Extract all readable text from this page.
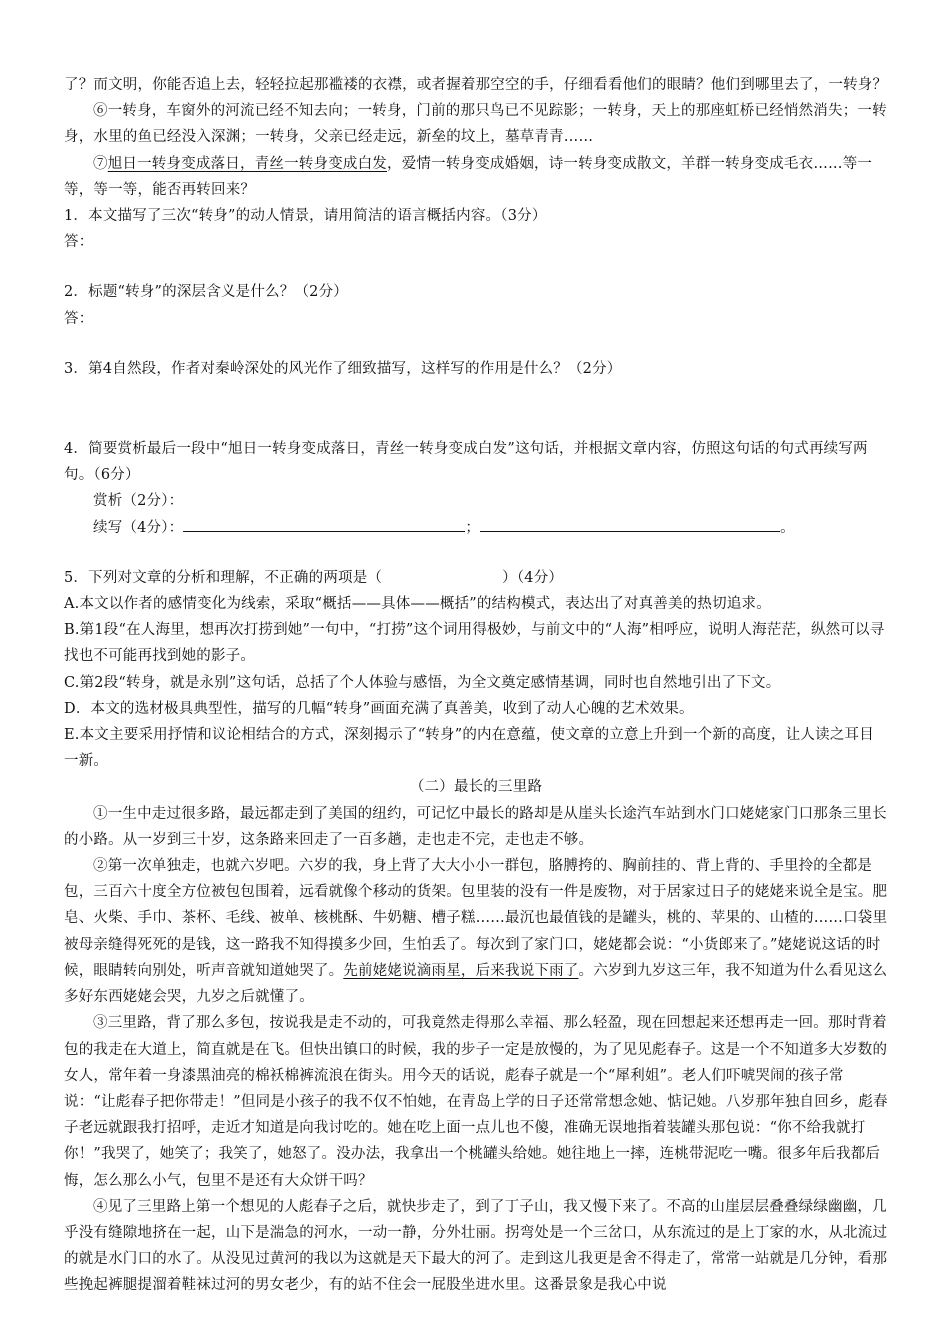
了？而文明，你能否追上去，轻轻拉起那褴褛的衣襟，或者握着那空空的手，仔细看看他们的眼睛？他们到哪里去了，一转身？

⑥一转身，车窗外的河流已经不知去向；一转身，门前的那只鸟已不见踪影；一转身，天上的那座虹桥已经悄然消失；一转身，水里的鱼已经没入深渊；一转身，父亲已经走远，新垒的坟上，墓草青青……

⑦旭日一转身变成落日，青丝一转身变成白发，爱情一转身变成婚姻，诗一转身变成散文，羊群一转身变成毛衣……等一等，等一等，能否再转回来？

1．本文描写了三次“转身”的动人情景，请用简洁的语言概括内容。（3分）

答：

2．标题“转身”的深层含义是什么？（2分）

答：

3．第4自然段，作者对秦岭深处的风光作了细致描写，这样写的作用是什么？（2分）

4．简要赏析最后一段中“旭日一转身变成落日，青丝一转身变成白发”这句话，并根据文章内容，仿照这句话的句式再续写两句。（6分）

赏析（2分）：

续写（4分）：	；	。

5．下列对文章的分析和理解，不正确的两项是（	）（4分）

A.本文以作者的感情变化为线索，采取“概括——具体——概括”的结构模式，表达出了对真善美的热切追求。

B.第1段“在人海里，想再次打捞到她”一句中，“打捞”这个词用得极妙，与前文中的“人海”相呼应，说明人海茫茫，纵然可以寻找也不可能再找到她的影子。

C.第2段“转身，就是永别”这句话，总括了个人体验与感悟，为全文奠定感情基调，同时也自然地引出了下文。

D．本文的选材极具典型性，描写的几幅“转身”画面充满了真善美，收到了动人心魄的艺术效果。

E.本文主要采用抒情和议论相结合的方式，深刻揭示了“转身”的内在意蕴，使文章的立意上升到一个新的高度，让人读之耳目一新。

（二）最长的三里路

①一生中走过很多路，最远都走到了美国的纽约，可记忆中最长的路却是从崖头长途汽车站到水门口姥姥家门口那条三里长的小路。从一岁到三十岁，这条路来回走了一百多趟，走也走不完，走也走不够。

②第一次单独走，也就六岁吧。六岁的我，身上背了大大小小一群包，胳膊挎的、胸前挂的、背上背的、手里拎的全都是包，三百六十度全方位被包包围着，远看就像个移动的货架。包里装的没有一件是废物，对于居家过日子的姥姥来说全是宝。肥皂、火柴、手巾、茶杯、毛线、被单、核桃酥、牛奶糖、槽子糕……最沉也最值钱的是罐头，桃的、苹果的、山楂的……口袋里被母亲缝得死死的是钱，这一路我不知得摸多少回，生怕丢了。每次到了家门口，姥姥都会说：“小货郎来了。”姥姥说这话的时候，眼睛转向别处，听声音就知道她哭了。先前姥姥说滴雨星，后来我说下雨了。六岁到九岁这三年，我不知道为什么看见这么多好东西姥姥会哭，九岁之后就懂了。

③三里路，背了那么多包，按说我是走不动的，可我竟然走得那么幸福、那么轻盈，现在回想起来还想再走一回。那时背着包的我走在大道上，简直就是在飞。但快出镇口的时候，我的步子一定是放慢的，为了见见彪春子。这是一个不知道多大岁数的女人，常年着一身漆黑油亮的棉袄棉裤流浪在街头。用今天的话说，彪春子就是一个“犀利姐”。老人们吓唬哭闹的孩子常说：“让彪春子把你带走！”但同是小孩子的我不仅不怕她，在青岛上学的日子还常常想念她、惦记她。八岁那年独自回乡，彪春子老远就跟我打招呼，走近才知道是向我讨吃的。她在吃上面一点儿也不傻，准确无误地指着装罐头那包说：“你不给我就打你！”我哭了，她笑了；我笑了，她怒了。没办法，我拿出一个桃罐头给她。她往地上一摔，连桃带泥吃一嘴。很多年后我都后悔，怎么那么小气，包里不是还有大众饼干吗？

④见了三里路上第一个想见的人彪春子之后，就快步走了，到了丁子山，我又慢下来了。不高的山崖层层叠叠绿绿幽幽，几乎没有缝隙地挤在一起，山下是湍急的河水，一动一静，分外壮丽。拐弯处是一个三岔口，从东流过的是上丁家的水，从北流过的就是水门口的水了。从没见过黄河的我以为这就是天下最大的河了。走到这儿我更是舍不得走了，常常一站就是几分钟，看那些挽起裤腿提溜着鞋袜过河的男女老少，有的站不住会一屁股坐进水里。这番景象是我心中说
